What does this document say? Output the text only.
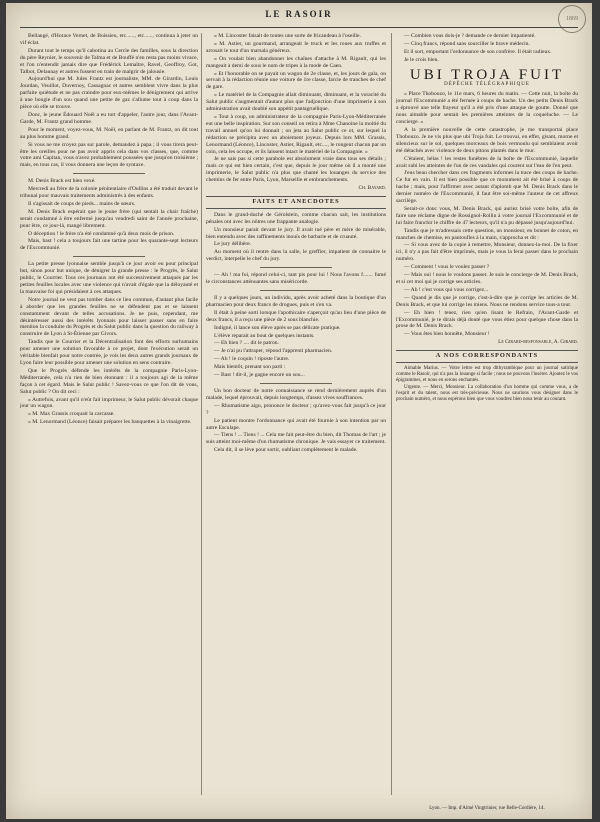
LE RASOIR	1869

Bellangé, d'Horace Vernet, de Boissieu, etc......, etc......, continua à jeter un vif éclat.

Durant tout le temps qu'il cabotina au Cercle des familles, sous la direction du père Reynier, le souvenir de Talma et de Bouffé n'en resta pas moins vivace, et l'on n'entendit jamais dire que Frédérick Lemaître, Ravel, Geoffroy, Got, Talbot, Delaunay et autres fussent en train de malgrir de jalousie.

Aujourd'hui que M. Jules Frantz est journaliste, MM. de Girardin, Louis Jourdan, Veuillot, Duvernoy, Cassagnac et autres semblent vivre dans la plus parfaite quiétude et ne pas craindre pour eux-mêmes le dénigrement qui arrive à une bougie d'un sou quand une petite de gaz s'allume tout à coup dans la pièce où elle se trouve.

Donc, le jeune Édouard Noël a eu tort d'appeler, l'autre jour, dans l'Avant-Garde, M. Frantz grand homme.

Pour le moment, voyez-vous, M. Noël, en parlant de M. Frantz, on dit tout au plus homme grand.

Si vous ne me croyez pas sur parole, demandez à papa ; il vous tirera peut-être les oreilles pour ne pas avoir appris cela dans vos classes, que, comme votre ami Capitan, vous n'avez probablement poussées que jusqu'en troisième ; mais, en tous cas, il vous donnera une leçon de syntaxe.

M. Denis Brack est bien vexé.

Mercredi au frère de la colonie pénitentiaire d'Oullins a été traduit devant le tribunal pour mauvais traitements administrés à des enfants.

Il s'agissait de coups de pieds... mains de sœurs.

M. Denis Brack espérait que le jeune frère (qui sentait la chair fraîche) serait condamné à être enfermé jusqu'au vendredi saint de l'année prochaine, pour être, ce jour-là, mangé librement.

O déception ! le frère n'a été condamné qu'à deux mois de prison.

Mais, bast ! cela a toujours fait une tartine pour les quarante-sept lecteurs de l'Excommunié.

La petite presse lyonnaise semble jusqu'à ce jour avoir eu pour principal but, sinon pour but unique, de dénigrer la grande presse : le Progrès, le Salut public, le Courrier. Tous ces journaux ont été successivement attaqués par les petites feuilles locales avec une violence qui n'avait d'égale que la déloyauté et la mauvaise foi qui présidaient à ces attaques.

Notre journal ne veut pas tomber dans ce lieu commun, d'autant plus facile à aborder que les grandes feuilles ne se défendent pas et se laissent constamment devant de telles accusations. Je ne puis, cependant, me désintéresser aussi des intérêts lyonnais pour laisser passer sans en faire mention la conduite du Progrès et du Salut public dans la question du railway à construire de Lyon à St-Étienne par Givors.

Tandis que le Courrier et la Décentralisation font des efforts surhumains pour amener une solution favorable à ce projet, dont l'exécution serait un véritable bienfait pour notre contrée, je vois les deux autres grands journaux de Lyon faire leur possible pour amener une solution en sens contraire.

Que le Progrès défende les intérêts de la compagnie Paris-Lyon-Méditerranée, cela n'a rien de bien étonnant : il a toujours agi de la même façon à cet égard. Mais le Salut public ! Savez-vous ce que l'on dit de vous, Salut public ? On dit ceci :

« Autrefois, avant qu'il n'eût fait imprimeur, le Salut public dévorait chaque jour un wagon.

« M. Max Grassis croquait la carcasse.

« M. Lenormand (Léonce) faisait préparer les banquettes à la vinaigrette.

« M. Lincoster faisait de toutes une sorte de fricandeau à l'oseille.

« M. Astier, un gourmand, arrangeait le truck et les roues aux truffes et arrosait le tout d'un marsala généreux.

« On voulait bien abandonner les chaînes d'attache à M. Rigault, qui les mangeait à demi de sous le nom de tripes à la mode de Caen.

« Et l'honorable on se payait un wagon de 2e classe, et, les jours de gala, on servait à la rédaction réunie une voiture de 1re classe, farcie de tranches de chef de gare.

« Le matériel de la Compagnie allait diminuant, diminuant, et la voracité du Salut public s'augmentait d'autant plus que l'adjonction d'une imprimerie à son administration avait doublé son appétit pantagruélique.

« Tout à coup, un administrateur de la compagnie Paris-Lyon-Méditerranée eut une belle inspiration. Sur son conseil on retira à Mme Chanoine la moitié du travail annuel qu'on lui donnait ; on jeta au Salut public ce ot, sur lequel la rédaction se précipita avec un aboiement joyeux. Depuis lors MM. Grassis, Lenormand (Léonce), Lincoster, Astier, Rigault, etc...., le rongent chacun par un coin, cela les occupe, et ils laissent intact le matériel de la Compagnie. »

Je ne sais pas si cette parabole est absolument vraie dans tous ses détails ; mais ce qui est bien certain, c'est que, depuis le jour même où il a monté une imprimerie, le Salut public n'a plus que chanté les louanges du service des chemins de fer entre Paris, Lyon, Marseille et embranchements.

Ch. Bayard.
FAITS ET ANECDOTES

Dans le grand-duché de Gérolstein, comme chacun sait, les institutions pénales ont avec les nôtres une frappante analogie.

Un monsieur parait devant le jury. Il avait tué père et mère de misérable, bien entendu avec des raffinements inouïs de barbarie et de cruauté.

Le jury délibère.

Au moment où il rentre dans la salle, le greffier, impatient de connaitre le verdict, interpelle le chef du jury.

— Ah ! ma foi, répond celui-ci, tant pis pour lui ! Nous l'avons f....... fumé le circonstances atténuantes sans miséricorde.

Il y a quelques jours, un individu, après avoir acheté dans la boutique d'un pharmacien pour deux francs de drogues, puis et s'en va.

Il était à peine sorti lorsque l'apothicaire s'aperçoit qu'au lieu d'une pièce de deux francs, il a reçu une pièce de 2 sous blanchie.

Indigné, il lance son élève après se pas délicate pratique.

L'élève reparait au bout de quelques instants.

— Eh bien ? .... dit le patron.

— Je n'ai pu l'attraper, répond l'apprenti pharmacien.

— Ah ! le coquin ! riposte l'autre.

Mais bientôt, prenant son parti :

— Bast ! dit-il, je gagne encore un sou...

Un bon docteur de notre connaissance se rend dernièrement auprès d'un malade, lequel éprouvait, depuis longtemps, d'assez vives souffrances.

— Rhumatisme aigu, prononce le docteur ; qu'avez-vous fait jusqu'à ce jour ?

Le patient montre l'ordonnance qui avait été fournie à son intention par un autre Esculape.

— Tiens ! ... Tiens ! ... Cela me fait peut-être du bien, dit Thomas de l'art ; je suis atteint moi-même d'un rhumatisme chronique. Je vais essayer ce traitement.

Cela dit, il se lève pour sortir, oubliant complètement le malade.

— Combien vous dois-je ? demande ce dernier impatienté.

— Cinq francs, répond sans sourciller le brave médecin.

Et il sort, emportant l'ordonnance de son confrère. Il était radieux.

Je le crois bien.

UBI TROJA FUIT
DÉPÊCHE TÉLÉGRAPHIQUE

« Place Thobouzo, le 11e mars, 6 heures du matin. — Cette nuit, la boîte du journal l'Excommunié a été fermée à coups de hache. Un des petits Denis Brack a éprouvé une telle frayeur qu'il a été pris d'une attaque de goutte. Donné que nous aimable pour sentait les premières atteintes de la coqueluche. — Le concierge. »

A la première nouvelle de cette catastrophe, je me transportai place Thobouzo. Je ne vis plus que ubi Troja fuit. Le trouvai, en effet, gisant, morne et silencieux sur le sol, quelques morceaux de bois vermoulu qui semblaient avoir été détachés avec violence de deux pitons plantés dans le mur.

C'étaient, hélas ! les restes funèbres de la boîte de l'Excommunié, laquelle avait subi les atteintes de l'un de ces vandales qui courent sur l'eau de l'en peut.

J'eus beau chercher dans ces fragments informes la trace des coups de hache. Ce fut en vain. Il est bien possible que ce monument ait été brisé à coups de hache ; mais, pour l'affirmer avec autant d'aplomb que M. Denis Brack dans le dernier numéro de l'Excommunié, il faut être soi-même l'auteur de cet affreux sacrilège.

Serait-ce donc vous, M. Denis Brack, qui auriez brisé votre boîte, afin de faire une réclame digne de Rossignol-Rollin à votre journal l'Excommunié et de lui faire franchir le chiffre de 47 lecteurs, qu'il n'a pu dépassé jusqu'aujourd'hui.

Tandis que je m'adressais cette question, un monsieur, en bonnet de coton, en manches de chemise, en pantoufles à la main, s'approcha et dit :

— Si vous avez de la copie à remettre, Monsieur, donnez-la-moi. De la fixer ici, il n'y a pas fait d'être imprimés, mais je vous la ferai passer dans le prochain numéro.

— Comment ! vous le voulez passer ?

— Mais oui ! nous le voulons passer. Je suis le concierge de M. Denis Brack, et si cet moi qui je corrige ses articles.

— Ah ! c'est vous qui vous corrigez...

— Quand je dis que je corrige, c'est-à-dire que je corrige les articles de M. Denis Brack, et que lui corrige les miens. Nous ne rendons service tous-a tour.

— Eh bien ! tenez, rien qu'en lisant le Refrain, l'Avant-Garde et l'Excommunié, je te dirais déjà douté que vous étiez pour quelque chose dans la prose de M. Denis Brack.

— Vous êtes bien honnête, Monsieur !

Le Girard-responsable, A. Girard.
A NOS CORRESPONDANTS

Aimable Marius. — Votre lettre est trop dithyrambique pour un journal satirique comme le Rasoir, qui n'a pas la louange si facile ; nous ne pouvons l'insérer. Ajoutez le vos épigrammes, et nous en serons enchantés.

Urgente. — Merci, Monsieur. La collaboration d'un homme qui comme vous, a de l'esprit et du talent, nous est très-précieuse. Nous ne saurions vous désigner dans le prochain numéro, et nous espérons bien que vous voudrez bien nous tenir au courant.

Lyon. — Imp. d'Aimé Vingtrinier, rue Belle-Cordière, 14.
